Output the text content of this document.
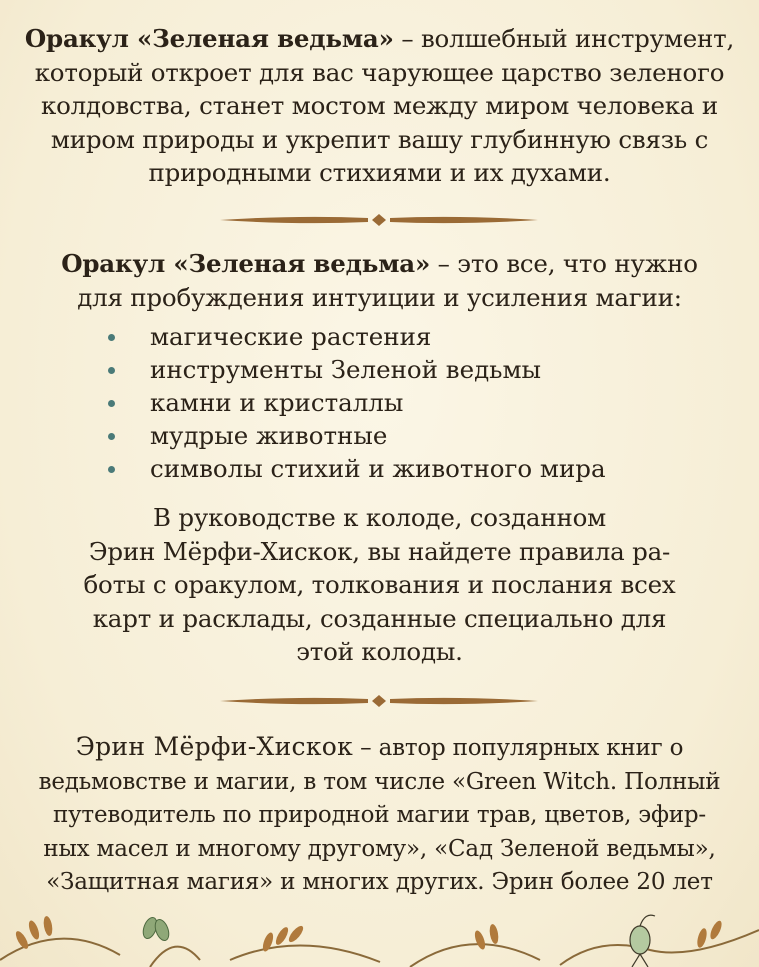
Оракул «Зеленая ведьма» – волшебный инструмент,
который откроет для вас чарующее царство зеленого
колдовства, станет мостом между миром человека и
миром природы и укрепит вашу глубинную связь с
природными стихиями и их духами.
Оракул «Зеленая ведьма» – это все, что нужно
для пробуждения интуиции и усиления магии:
магические растения
инструменты Зеленой ведьмы
камни и кристаллы
мудрые животные
символы стихий и животного мира
В руководстве к колоде, созданном
Эрин Мёрфи-Хискок, вы найдете правила ра-
боты с оракулом, толкования и послания всех
карт и расклады, созданные специально для
этой колоды.
Эрин Мёрфи-Хискок – автор популярных книг о
ведьмовстве и магии, в том числе «Green Witch. Полный
путеводитель по природной магии трав, цветов, эфир-
ных масел и многому другому», «Сад Зеленой ведьмы»,
«Защитная магия» и многих других. Эрин более 20 лет
